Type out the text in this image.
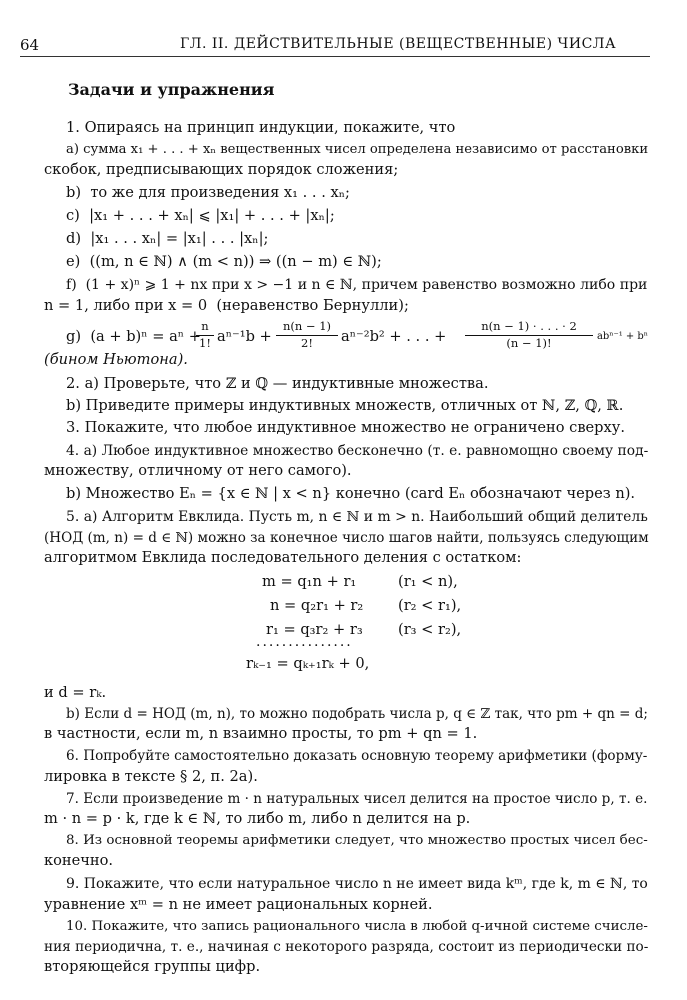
64	ГЛ. II. ДЕЙСТВИТЕЛЬНЫЕ (ВЕЩЕСТВЕННЫЕ) ЧИСЛА
Задачи и упражнения
1. Опираясь на принцип индукции, покажите, что
а) сумма x₁ + . . . + xₙ вещественных чисел определена независимо от расстановки
скобок, предписывающих порядок сложения;
b)  то же для произведения x₁ . . . xₙ;
c)  |x₁ + . . . + xₙ| ⩽ |x₁| + . . . + |xₙ|;
d)  |x₁ . . . xₙ| = |x₁| . . . |xₙ|;
e)  ((m, n ∈ ℕ) ∧ (m < n)) ⇒ ((n − m) ∈ ℕ);
f)  (1 + x)ⁿ ⩾ 1 + nx при x > −1 и n ∈ ℕ, причем равенство возможно либо при
n = 1, либо при x = 0  (неравенство Бернулли);
g)  (a + b)ⁿ = aⁿ +
n
1! aⁿ⁻¹b +
n(n − 1)
2!	aⁿ⁻²b² + . . . +
n(n − 1) · . . . · 2
(n − 1)!	abⁿ⁻¹ + bⁿ
(бином Ньютона).
2. а) Проверьте, что ℤ и ℚ — индуктивные множества.
b) Приведите примеры индуктивных множеств, отличных от ℕ, ℤ, ℚ, ℝ.
3. Покажите, что любое индуктивное множество не ограничено сверху.
4. а) Любое индуктивное множество бесконечно (т. е. равномощно своему под-
множеству, отличному от него самого).
b) Множество Eₙ = {x ∈ ℕ | x < n} конечно (card Eₙ обозначают через n).
5. а) Алгоритм Евклида. Пусть m, n ∈ ℕ и m > n. Наибольший общий делитель
(НОД (m, n) = d ∈ ℕ) можно за конечное число шагов найти, пользуясь следующим
алгоритмом Евклида последовательного деления с остатком:
m = q₁n + r₁	(r₁ < n),
n = q₂r₁ + r₂ (r₂ < r₁),
r₁ = q₃r₂ + r₃ (r₃ < r₂),
...............
rₖ₋₁ = qₖ₊₁rₖ + 0,
и d = rₖ.
b) Если d = НОД (m, n), то можно подобрать числа p, q ∈ ℤ так, что pm + qn = d;
в частности, если m, n взаимно просты, то pm + qn = 1.
6. Попробуйте самостоятельно доказать основную теорему арифметики (форму-
лировка в тексте § 2, п. 2а).
7. Если произведение m · n натуральных чисел делится на простое число p, т. е.
m · n = p · k, где k ∈ ℕ, то либо m, либо n делится на p.
8. Из основной теоремы арифметики следует, что множество простых чисел бес-
конечно.
9. Покажите, что если натуральное число n не имеет вида kᵐ, где k, m ∈ ℕ, то
уравнение xᵐ = n не имеет рациональных корней.
10. Покажите, что запись рационального числа в любой q-ичной системе счисле-
ния периодична, т. е., начиная с некоторого разряда, состоит из периодически по-
вторяющейся группы цифр.
